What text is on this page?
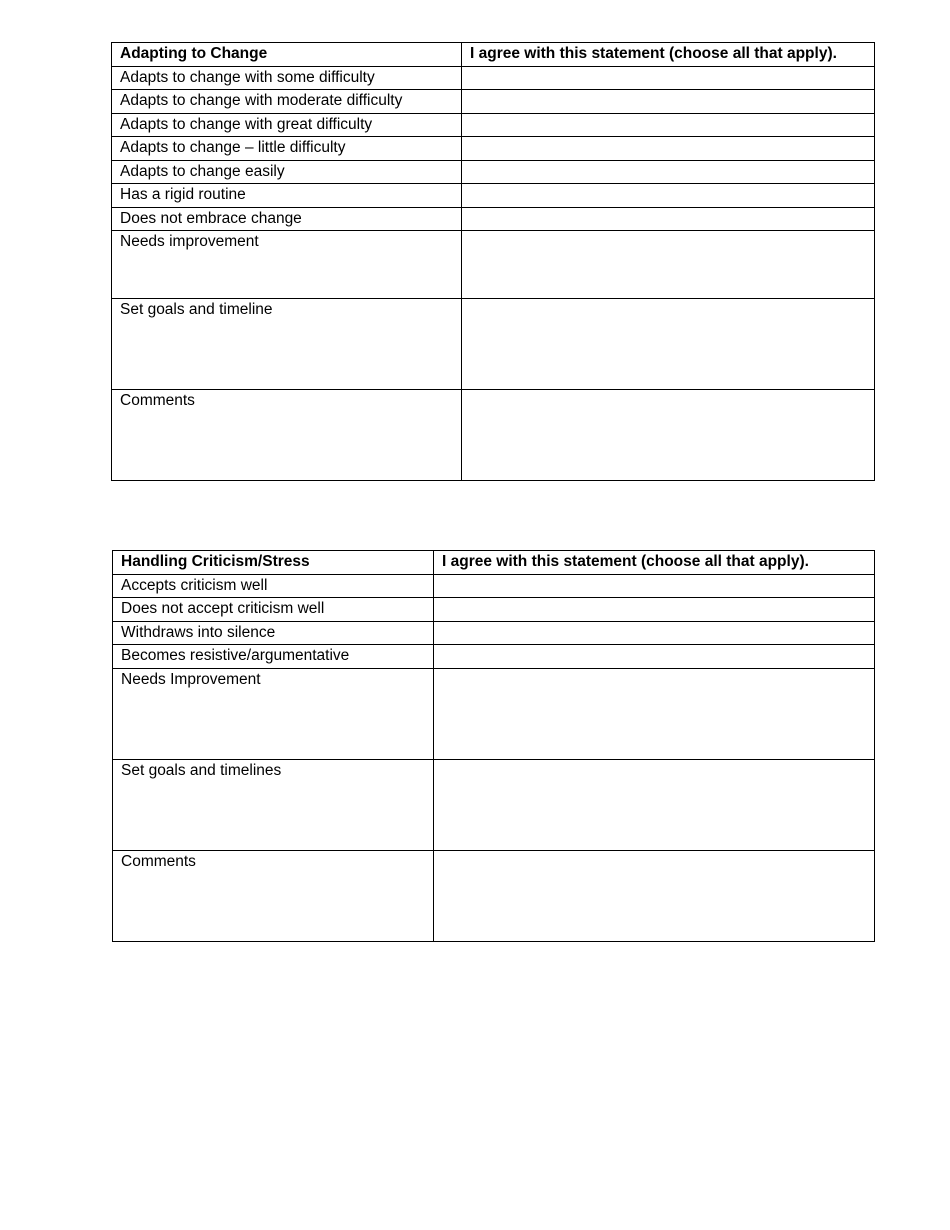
Adapting to Change	I agree with this statement (choose all that apply).
Adapts to change with some difficulty	
Adapts to change with moderate difficulty	
Adapts to change with great difficulty	
Adapts to change – little difficulty	
Adapts to change easily	
Has a rigid routine	
Does not embrace change	
Needs improvement	
Set goals and timeline	
Comments	
Handling Criticism/Stress	I agree with this statement (choose all that apply).
Accepts criticism well	
Does not accept criticism well	
Withdraws into silence	
Becomes resistive/argumentative	
Needs Improvement	
Set goals and timelines	
Comments	
